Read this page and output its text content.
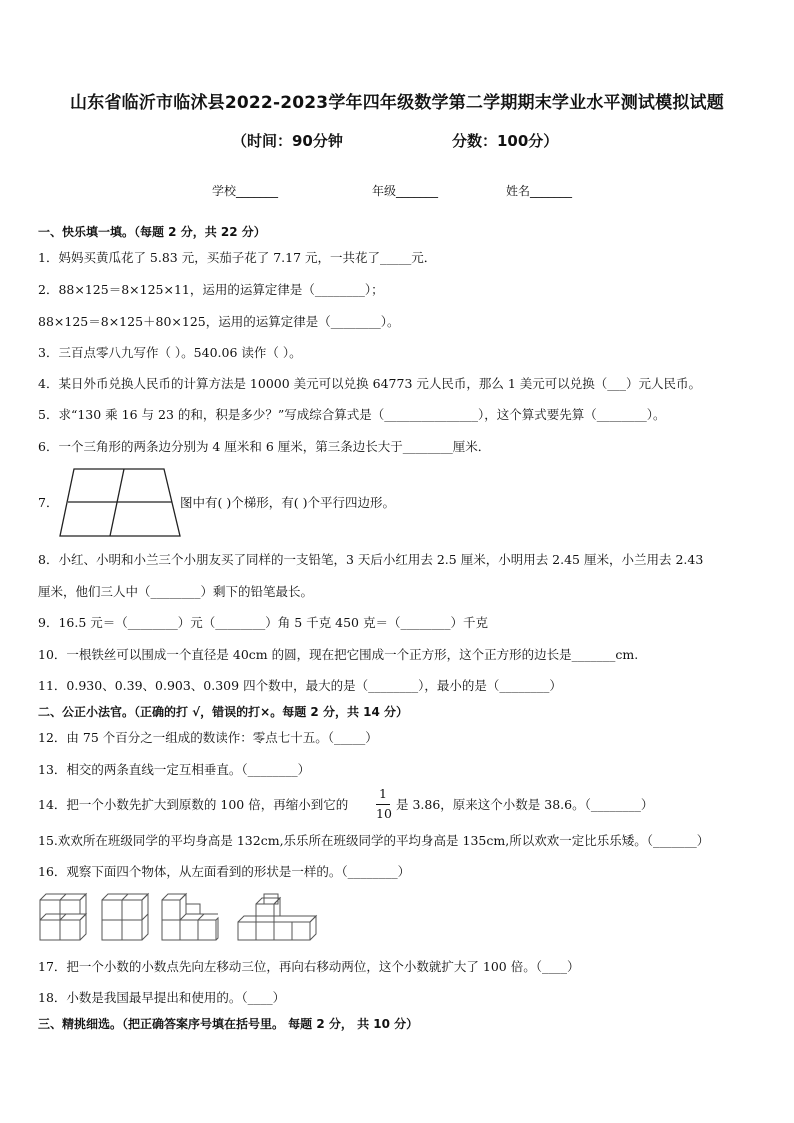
山东省临沂市临沭县2022-2023学年四年级数学第二学期期末学业水平测试模拟试题
（时间：90分钟	分数：100分）
学校_______	年级_______	姓名_______
一、快乐填一填。（每题 2 分，共 22 分）
1．妈妈买黄瓜花了 5.83 元，买茄子花了 7.17 元，一共花了_____元．
2．88×125＝8×125×11，运用的运算定律是（________）；
88×125＝8×125＋80×125，运用的运算定律是（________）。
3．三百点零八九写作（ ）。540.06 读作（ ）。
4．某日外币兑换人民币的计算方法是 10000 美元可以兑换 64773 元人民币，那么 1 美元可以兑换（___）元人民币。
5．求“130 乘 16 与 23 的和，积是多少？”写成综合算式是（_______________），这个算式要先算（________）。
6．一个三角形的两条边分别为 4 厘米和 6 厘米，第三条边长大于________厘米．
7．	图中有( )个梯形，有( )个平行四边形。
8．小红、小明和小兰三个小朋友买了同样的一支铅笔，3 天后小红用去 2.5 厘米，小明用去 2.45 厘米，小兰用去 2.43
厘米，他们三人中（________）剩下的铅笔最长。
9．16.5 元＝（________）元（________）角 5 千克 450 克＝（________）千克
10．一根铁丝可以围成一个直径是 40cm 的圆，现在把它围成一个正方形，这个正方形的边长是_______cm.
11．0.930、0.39、0.903、0.309 四个数中，最大的是（________），最小的是（________）
二、公正小法官。（正确的打 √，错误的打×。每题 2 分，共 14 分）
12．由 75 个百分之一组成的数读作：零点七十五。（_____）
13．相交的两条直线一定互相垂直。（________）
14．把一个小数先扩大到原数的 100 倍，再缩小到它的
1
10
是 3.86，原来这个小数是 38.6。（________）
15.欢欢所在班级同学的平均身高是 132cm,乐乐所在班级同学的平均身高是 135cm,所以欢欢一定比乐乐矮。（_______）
16．观察下面四个物体，从左面看到的形状是一样的。（________）
17．把一个小数的小数点先向左移动三位，再向右移动两位，这个小数就扩大了 100 倍。（____）
18．小数是我国最早提出和使用的。（____）
三、精挑细选。（把正确答案序号填在括号里。 每题 2 分， 共 10 分）
